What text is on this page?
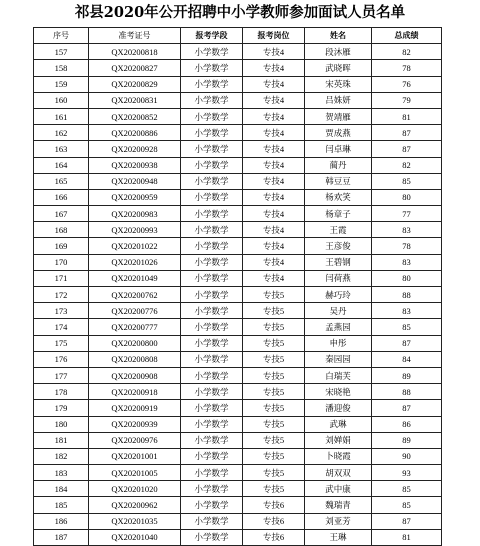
祁县2020年公开招聘中小学教师参加面试人员名单
序号	准考证号	报考学段	报考岗位	姓名	总成绩
157	QX20200818	小学数学	专技4	段沐雁	82
158	QX20200827	小学数学	专技4	武晓晖	78
159	QX20200829	小学数学	专技4	宋英珠	76
160	QX20200831	小学数学	专技4	吕姝妍	79
161	QX20200852	小学数学	专技4	贺靖雁	81
162	QX20200886	小学数学	专技4	贾成燕	87
163	QX20200928	小学数学	专技4	闫卓琳	87
164	QX20200938	小学数学	专技4	蔺丹	82
165	QX20200948	小学数学	专技4	韩豆豆	85
166	QX20200959	小学数学	专技4	杨欢笑	80
167	QX20200983	小学数学	专技4	杨章子	77
168	QX20200993	小学数学	专技4	王霞	83
169	QX20201022	小学数学	专技4	王彦俊	78
170	QX20201026	小学数学	专技4	王碧钢	83
171	QX20201049	小学数学	专技4	闫荷燕	80
172	QX20200762	小学数学	专技5	赫巧玲	88
173	QX20200776	小学数学	专技5	吴丹	83
174	QX20200777	小学数学	专技5	孟燕园	85
175	QX20200800	小学数学	专技5	申彤	87
176	QX20200808	小学数学	专技5	秦园园	84
177	QX20200908	小学数学	专技5	白瑞芙	89
178	QX20200918	小学数学	专技5	宋晓艳	88
179	QX20200919	小学数学	专技5	潘迎俊	87
180	QX20200939	小学数学	专技5	武琳	86
181	QX20200976	小学数学	专技5	刘婵娟	89
182	QX20201001	小学数学	专技5	卜晓霞	90
183	QX20201005	小学数学	专技5	胡双双	93
184	QX20201020	小学数学	专技5	武中康	85
185	QX20200962	小学数学	专技6	魏瑞青	85
186	QX20201035	小学数学	专技6	刘亚芳	87
187	QX20201040	小学数学	专技6	王琳	81
